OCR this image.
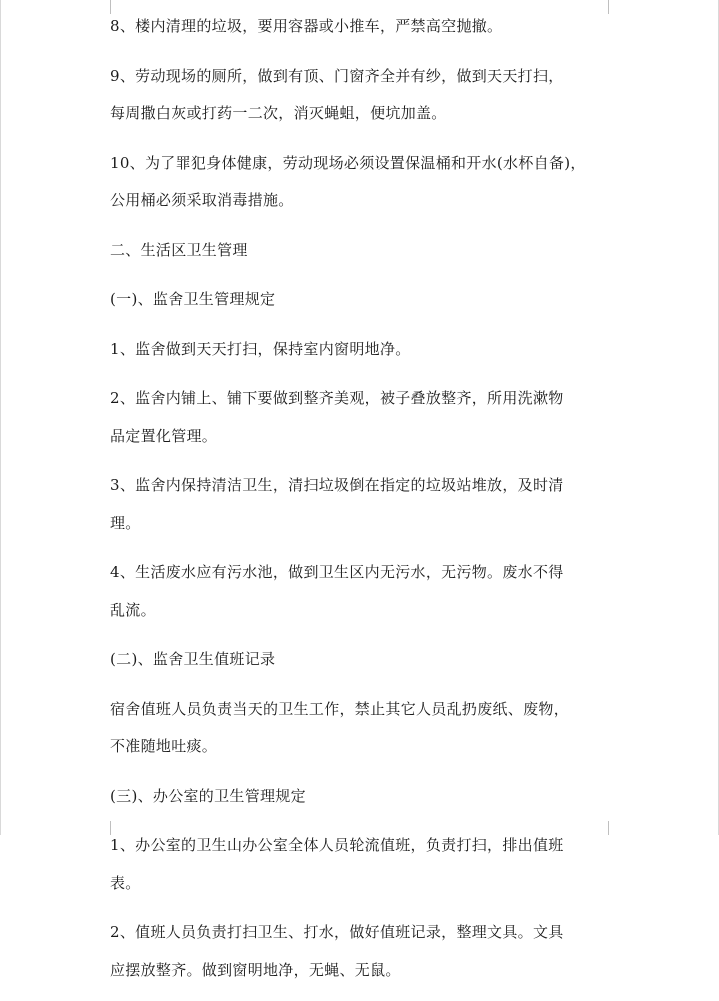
8、楼内清理的垃圾，要用容器或小推车，严禁高空抛撤。

9、劳动现场的厕所，做到有顶、门窗齐全并有纱，做到天天打扫，
每周撒白灰或打药一二次，消灭蝇蛆，便坑加盖。

10、为了罪犯身体健康，劳动现场必须设置保温桶和开水(水杯自备)，
公用桶必须采取消毒措施。

二、生活区卫生管理

(一)、监舍卫生管理规定

1、监舍做到天天打扫，保持室内窗明地净。

2、监舍内铺上、铺下要做到整齐美观，被子叠放整齐，所用洗漱物
品定置化管理。

3、监舍内保持清洁卫生，清扫垃圾倒在指定的垃圾站堆放，及时清
理。

4、生活废水应有污水池，做到卫生区内无污水，无污物。废水不得
乱流。

(二)、监舍卫生值班记录

宿舍值班人员负责当天的卫生工作，禁止其它人员乱扔废纸、废物，
不准随地吐痰。

(三)、办公室的卫生管理规定

1、办公室的卫生山办公室全体人员轮流值班，负责打扫，排出值班
表。

2、值班人员负责打扫卫生、打水，做好值班记录，整理文具。文具
应摆放整齐。做到窗明地净，无蝇、无鼠。
